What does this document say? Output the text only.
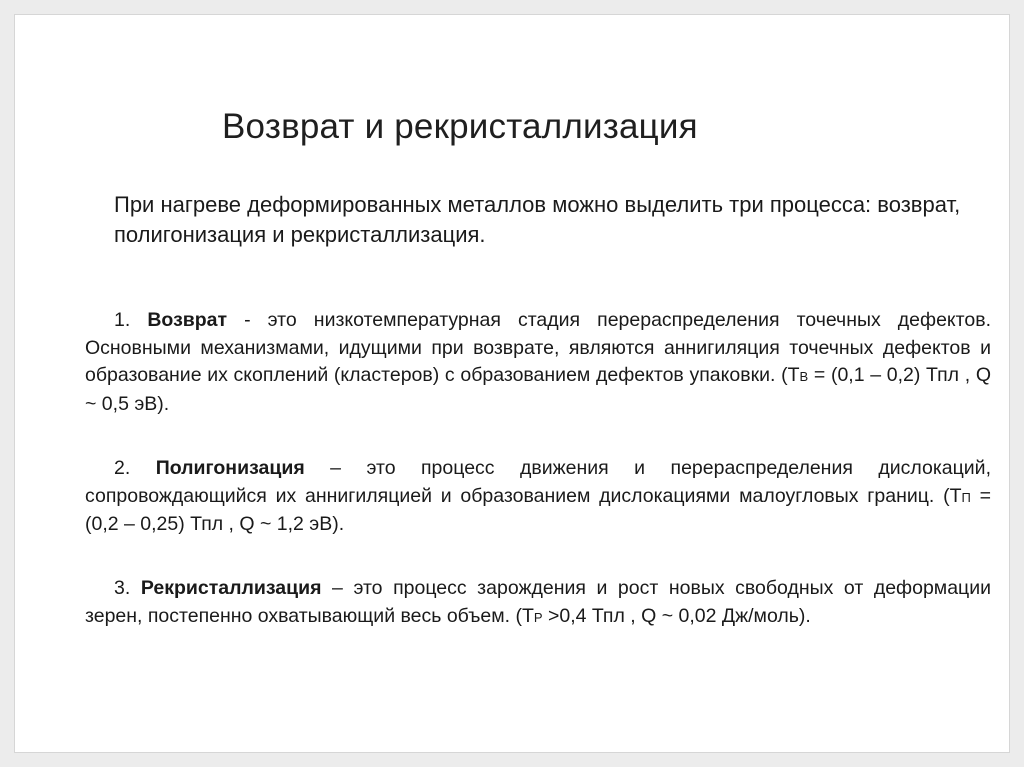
Возврат и рекристаллизация

При нагреве деформированных металлов можно выделить три процесса: возврат, полигонизация и рекристаллизация.

1. Возврат - это низкотемпературная стадия перераспределения точечных дефектов. Основными механизмами, идущими при возврате, являются аннигиляция точечных дефектов и образование их скоплений (кластеров) с образованием дефектов упаковки. (ТВ = (0,1 – 0,2) Тпл , Q ~ 0,5 эВ).

2. Полигонизация – это процесс движения и перераспределения дислокаций, сопровождающийся их аннигиляцией и образованием дислокациями малоугловых границ. (ТП = (0,2 – 0,25) Тпл , Q ~ 1,2 эВ).

3. Рекристаллизация – это процесс зарождения и рост новых свободных от деформации зерен, постепенно охватывающий весь объем. (ТР >0,4 Тпл , Q ~ 0,02 Дж/моль).
